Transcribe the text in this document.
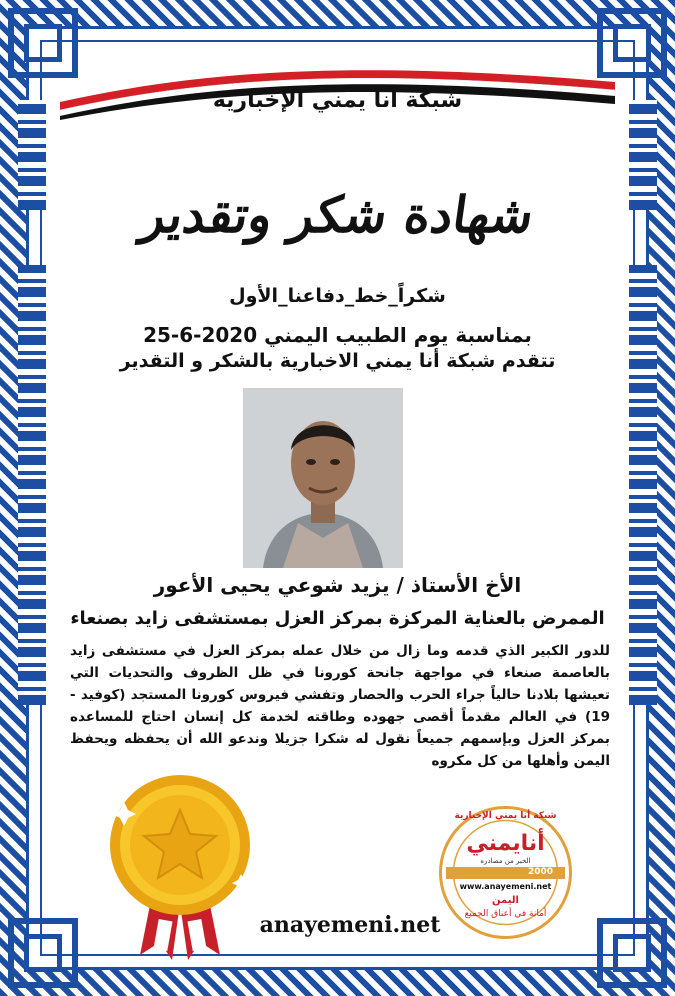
شبكة أنا يمني الإخبارية
شهادة شكر وتقدير
شكراً_خط_دفاعنا_الأول
بمناسبة يوم الطبيب اليمني 2020-6-25
تتقدم شبكة أنا يمني الاخبارية بالشكر و التقدير
الأخ الأستاذ / يزيد شوعي يحيى الأعور
الممرض بالعناية المركزة بمركز العزل بمستشفى زايد بصنعاء
للدور الكبير الذي قدمه وما زال من خلال عمله بمركز العزل في مستشفى زايد بالعاصمة صنعاء في مواجهة جانحة كورونا في ظل الظروف والتحديات التي تعيشها بلادنا حالياً جراء الحرب والحصار وتفشي فيروس كورونا المستجد (كوفيد - 19) في العالم مقدماً أقصى جهوده وطاقته لخدمة كل إنسان احتاج للمساعده بمركز العزل وبإسمهم جميعاً نقول له شكرا جزيلا وندعو الله أن يحفظه ويحفظ اليمن وأهلها من كل مكروه
شبكة أنا يمني الإخبارية
أنايمني
الخبر من مصادره
2000
www.anayemeni.net
اليمن
أمانة في أعناق الجميع
anayemeni.net
